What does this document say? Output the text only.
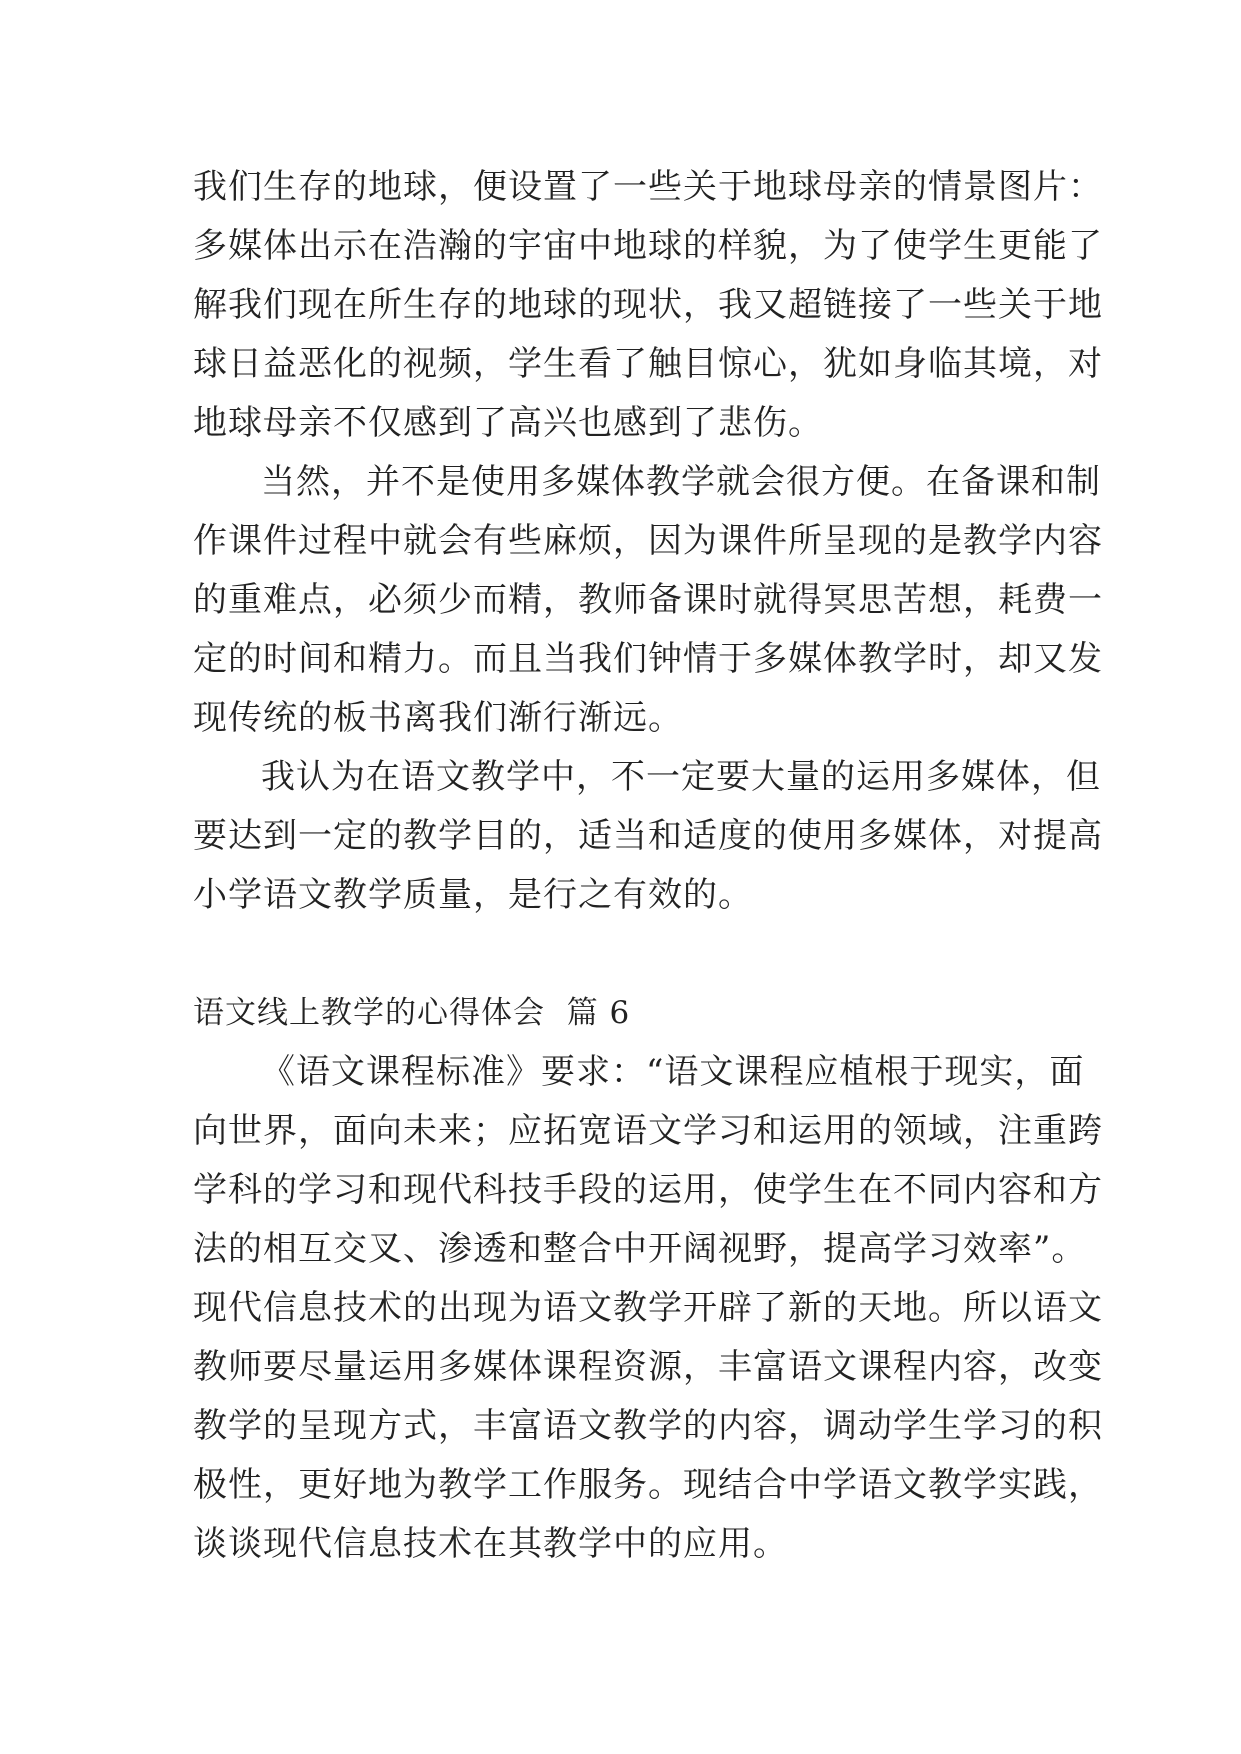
我们生存的地球，便设置了一些关于地球母亲的情景图片：
多媒体出示在浩瀚的宇宙中地球的样貌，为了使学生更能了
解我们现在所生存的地球的现状，我又超链接了一些关于地
球日益恶化的视频，学生看了触目惊心，犹如身临其境，对
地球母亲不仅感到了高兴也感到了悲伤。
当然，并不是使用多媒体教学就会很方便。在备课和制
作课件过程中就会有些麻烦，因为课件所呈现的是教学内容
的重难点，必须少而精，教师备课时就得冥思苦想，耗费一
定的时间和精力。而且当我们钟情于多媒体教学时，却又发
现传统的板书离我们渐行渐远。
我认为在语文教学中，不一定要大量的运用多媒体，但
要达到一定的教学目的，适当和适度的使用多媒体，对提高
小学语文教学质量，是行之有效的。
语文线上教学的心得体会  篇 6
《语文课程标准》要求：“语文课程应植根于现实，面
向世界，面向未来；应拓宽语文学习和运用的领域，注重跨
学科的学习和现代科技手段的运用，使学生在不同内容和方
法的相互交叉、渗透和整合中开阔视野，提高学习效率”。
现代信息技术的出现为语文教学开辟了新的天地。所以语文
教师要尽量运用多媒体课程资源，丰富语文课程内容，改变
教学的呈现方式，丰富语文教学的内容，调动学生学习的积
极性，更好地为教学工作服务。现结合中学语文教学实践，
谈谈现代信息技术在其教学中的应用。
